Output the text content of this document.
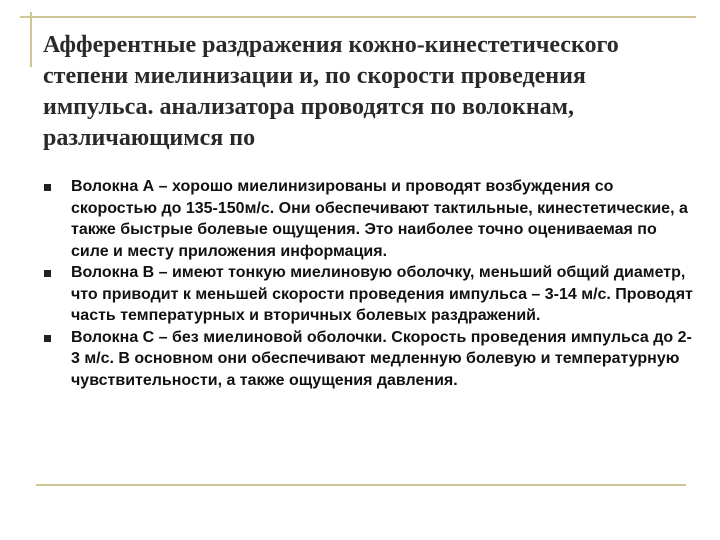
Афферентные раздражения кожно-кинестетического степени миелинизации и, по скорости проведения импульса. анализатора проводятся по волокнам, различающимся по
Волокна А – хорошо миелинизированы и проводят возбуждения со скоростью до 135-150м/с. Они обеспечивают тактильные, кинестетические, а также быстрые болевые ощущения. Это наиболее точно оцениваемая по силе и месту приложения информация.
Волокна В – имеют тонкую миелиновую оболочку, меньший общий диаметр, что приводит к меньшей скорости проведения импульса – 3-14 м/с. Проводят часть температурных и вторичных болевых раздражений.
Волокна С – без миелиновой оболочки. Скорость проведения импульса до 2-3 м/с. В основном они обеспечивают медленную болевую и температурную чувствительности, а также ощущения давления.
